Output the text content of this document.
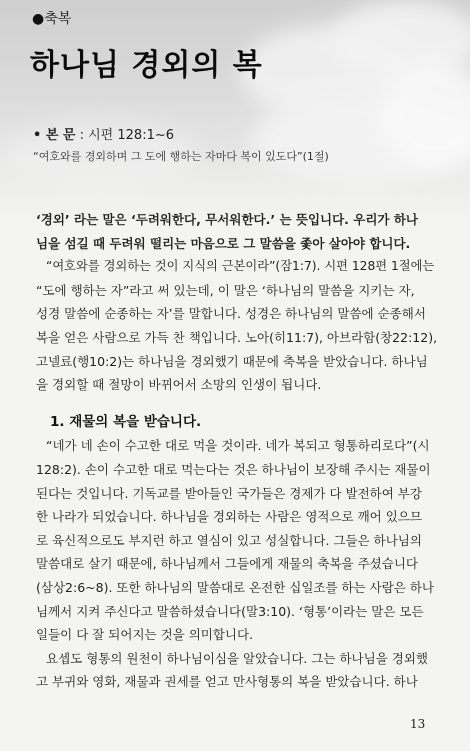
●축복
하나님 경외의 복
• 본 문 : 시편 128:1~6
“여호와를 경외하며 그 도에 행하는 자마다 복이 있도다”(1절)
‘경외’ 라는 말은 ‘두려워한다, 무서워한다.’ 는 뜻입니다. 우리가 하나
님을 섬길 때 두려워 떨리는 마음으로 그 말씀을 좇아 살아야 합니다.
“여호와를 경외하는 것이 지식의 근본이라”(잠1:7). 시편 128편 1절에는
“도에 행하는 자”라고 써 있는데, 이 말은 ‘하나님의 말씀을 지키는 자,
성경 말씀에 순종하는 자’를 말합니다. 성경은 하나님의 말씀에 순종해서
복을 얻은 사람으로 가득 찬 책입니다. 노아(히11:7), 아브라함(창22:12),
고넬료(행10:2)는 하나님을 경외했기 때문에 축복을 받았습니다. 하나님
을 경외할 때 절망이 바뀌어서 소망의 인생이 됩니다.
1. 재물의 복을 받습니다.
“네가 네 손이 수고한 대로 먹을 것이라. 네가 복되고 형통하리로다”(시
128:2). 손이 수고한 대로 먹는다는 것은 하나님이 보장해 주시는 재물이
된다는 것입니다. 기독교를 받아들인 국가들은 경제가 다 발전하여 부강
한 나라가 되었습니다. 하나님을 경외하는 사람은 영적으로 깨어 있으므
로 육신적으로도 부지런 하고 열심이 있고 성실합니다. 그들은 하나님의
말씀대로 살기 때문에, 하나님께서 그들에게 재물의 축복을 주셨습니다
(삼상2:6~8). 또한 하나님의 말씀대로 온전한 십일조를 하는 사람은 하나
님께서 지켜 주신다고 말씀하셨습니다(말3:10). ‘형통’이라는 말은 모든
일들이 다 잘 되어지는 것을 의미합니다.
요셉도 형통의 원천이 하나님이심을 알았습니다. 그는 하나님을 경외했
고 부귀와 영화, 재물과 권세를 얻고 만사형통의 복을 받았습니다. 하나
13
